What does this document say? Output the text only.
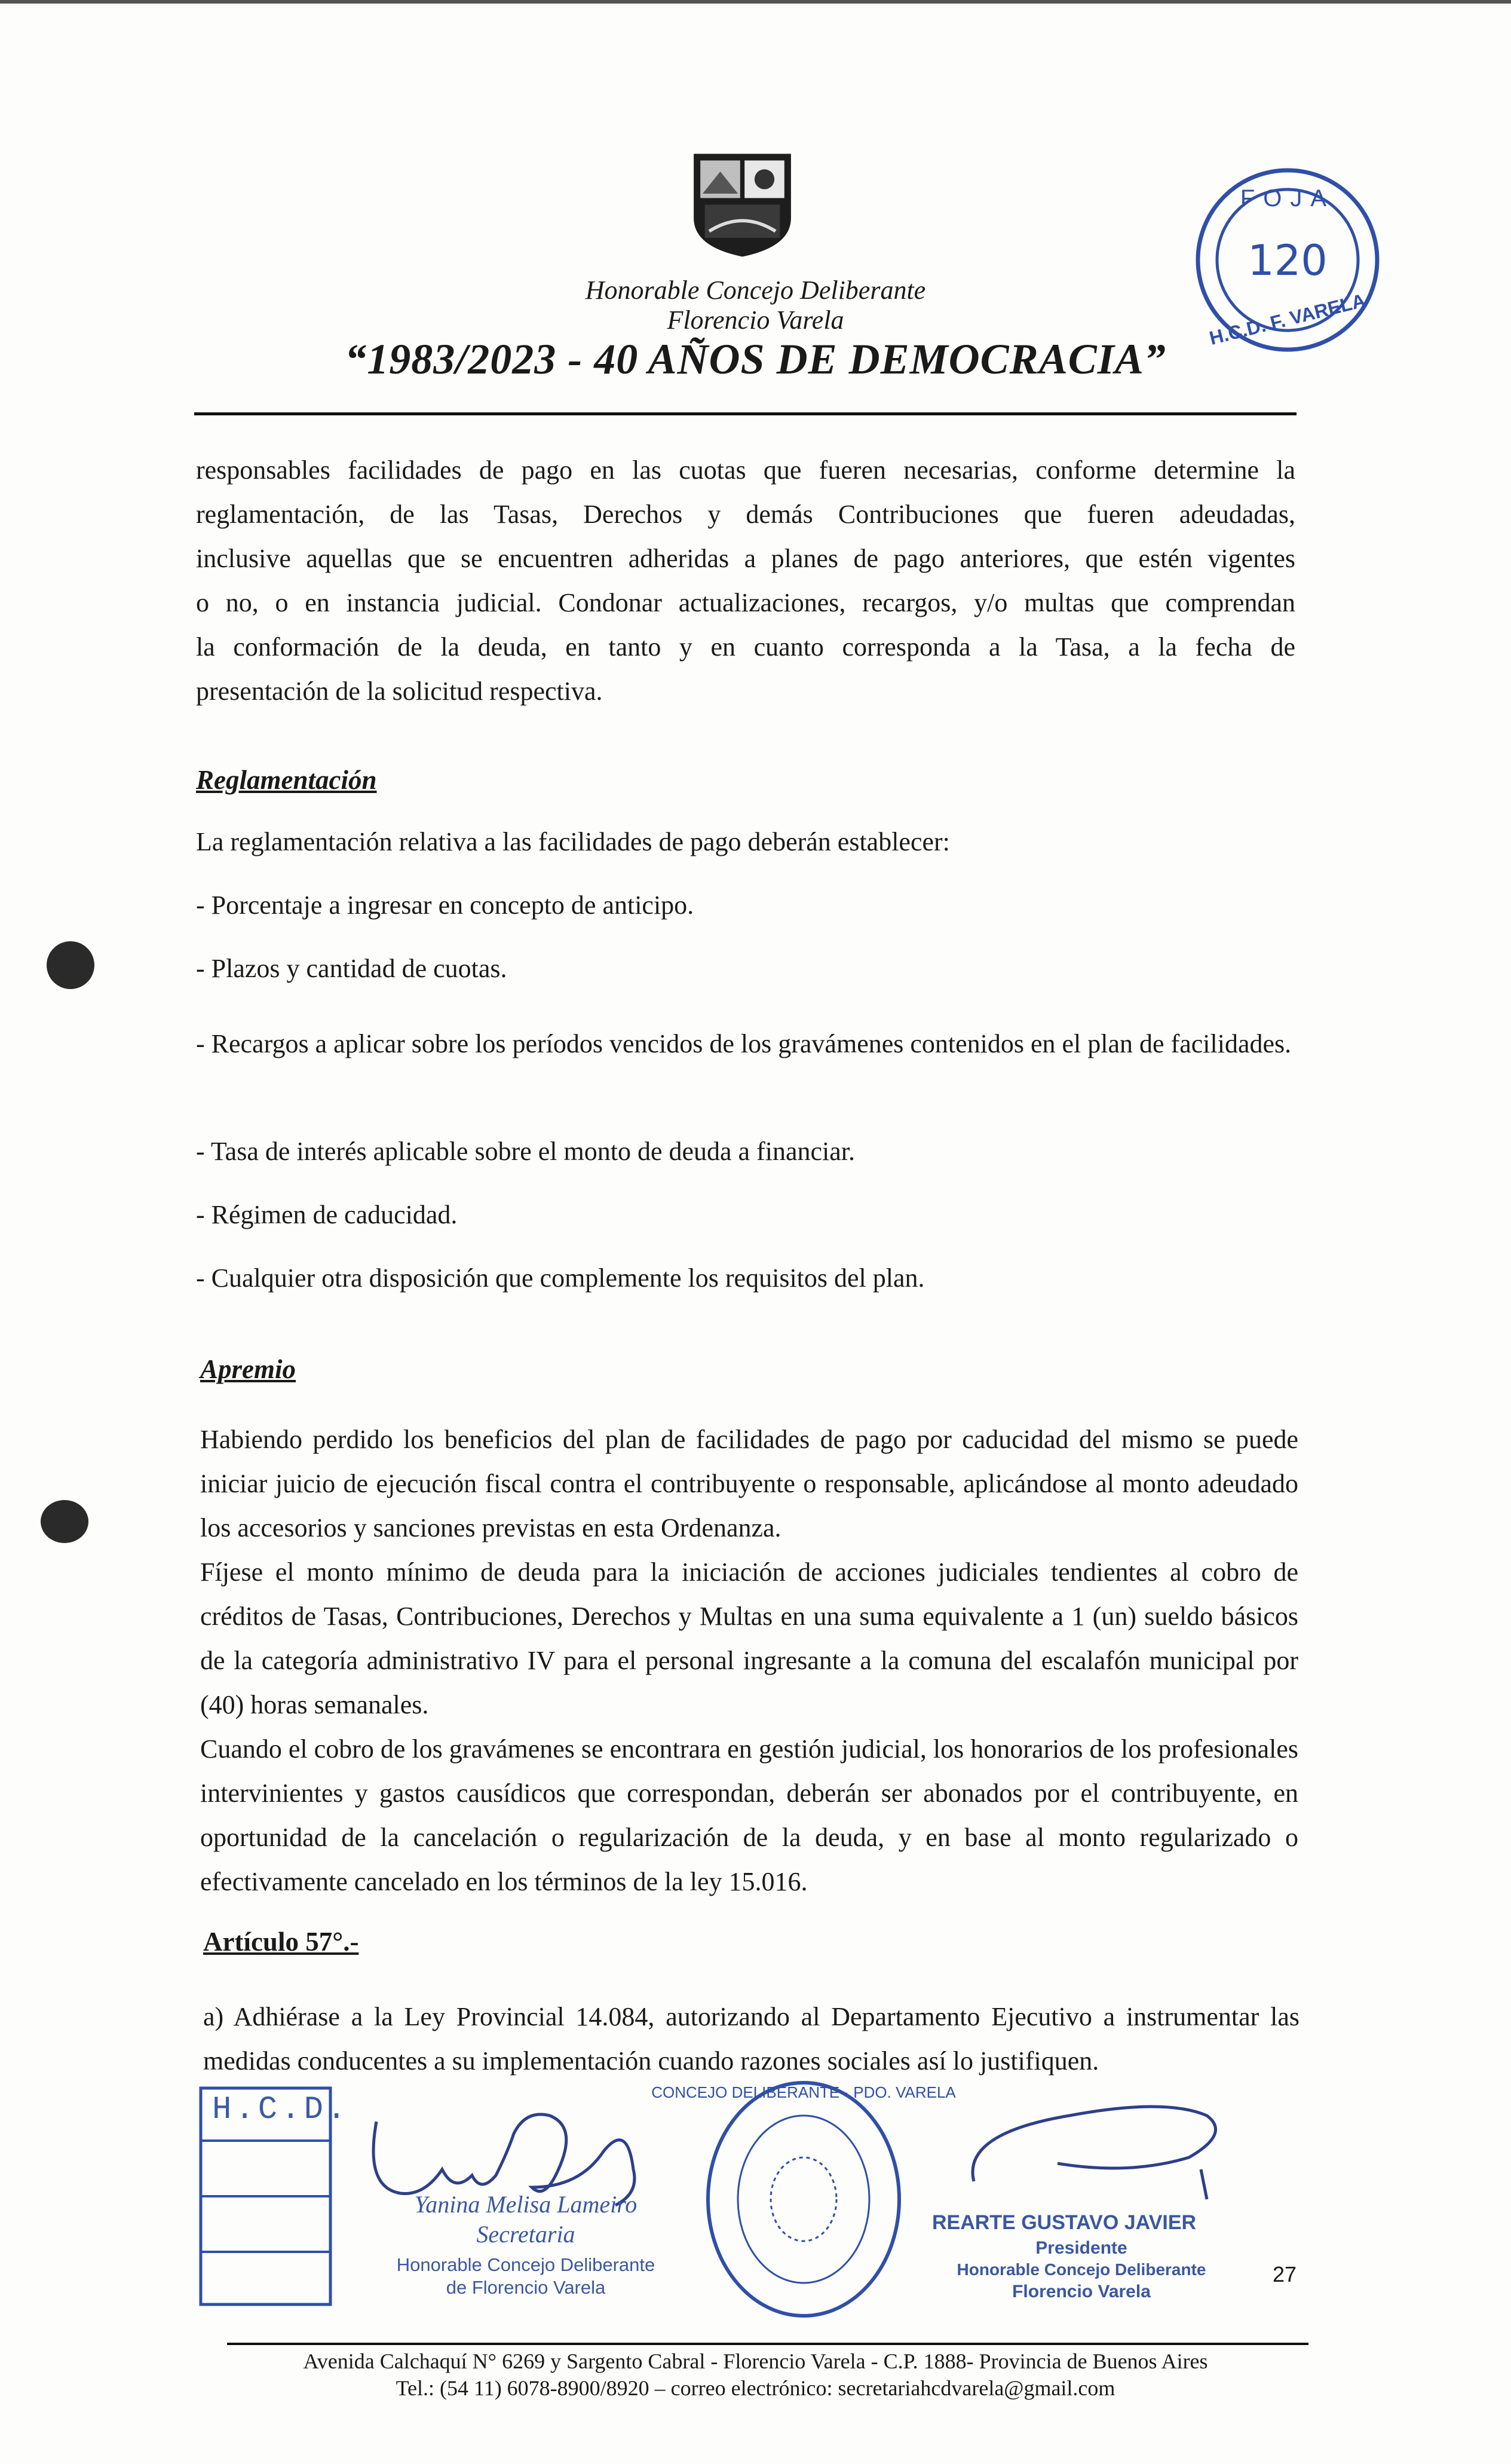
Honorable Concejo Deliberante
Florencio Varela
“1983/2023 - 40 AÑOS DE DEMOCRACIA”
FOJA
120
H.C.D. F. VARELA
responsables facilidades de pago en las cuotas que fueren necesarias, conforme determine la
reglamentación, de las Tasas, Derechos y demás Contribuciones que fueren adeudadas,
inclusive aquellas que se encuentren adheridas a planes de pago anteriores, que estén vigentes
o no, o en instancia judicial. Condonar actualizaciones, recargos, y/o multas que comprendan
la conformación de la deuda, en tanto y en cuanto corresponda a la Tasa, a la fecha de
presentación de la solicitud respectiva.
Reglamentación
La reglamentación relativa a las facilidades de pago deberán establecer:
- Porcentaje a ingresar en concepto de anticipo.
- Plazos y cantidad de cuotas.

- Recargos a aplicar sobre los períodos vencidos de los gravámenes contenidos en el plan de facilidades.

- Tasa de interés aplicable sobre el monto de deuda a financiar.
- Régimen de caducidad.
- Cualquier otra disposición que complemente los requisitos del plan.
Apremio

Habiendo perdido los beneficios del plan de facilidades de pago por caducidad del mismo se puede iniciar juicio de ejecución fiscal contra el contribuyente o responsable, aplicándose al monto adeudado los accesorios y sanciones previstas en esta Ordenanza.

Fíjese el monto mínimo de deuda para la iniciación de acciones judiciales tendientes al cobro de créditos de Tasas, Contribuciones, Derechos y Multas en una suma equivalente a 1 (un) sueldo básicos de la categoría administrativo IV para el personal ingresante a la comuna del escalafón municipal por (40) horas semanales.

Cuando el cobro de los gravámenes se encontrara en gestión judicial, los honorarios de los profesionales intervinientes y gastos causídicos que correspondan, deberán ser abonados por el contribuyente, en oportunidad de la cancelación o regularización de la deuda, y en base al monto regularizado o efectivamente cancelado en los términos de la ley 15.016.

Artículo 57°.-

a) Adhiérase a la Ley Provincial 14.084, autorizando al Departamento Ejecutivo a instrumentar las medidas conducentes a su implementación cuando razones sociales así lo justifiquen.

H.C.D.
Yanina Melisa Lameiro
Secretaria
Honorable Concejo Deliberante
de Florencio Varela
CONCEJO DELIBERANTE · PDO. VARELA
REARTE GUSTAVO JAVIER
Presidente
Honorable Concejo Deliberante
Florencio Varela
27
Avenida Calchaquí N° 6269 y Sargento Cabral - Florencio Varela - C.P. 1888- Provincia de Buenos Aires
Tel.: (54 11) 6078-8900/8920 – correo electrónico: secretariahcdvarela@gmail.com
